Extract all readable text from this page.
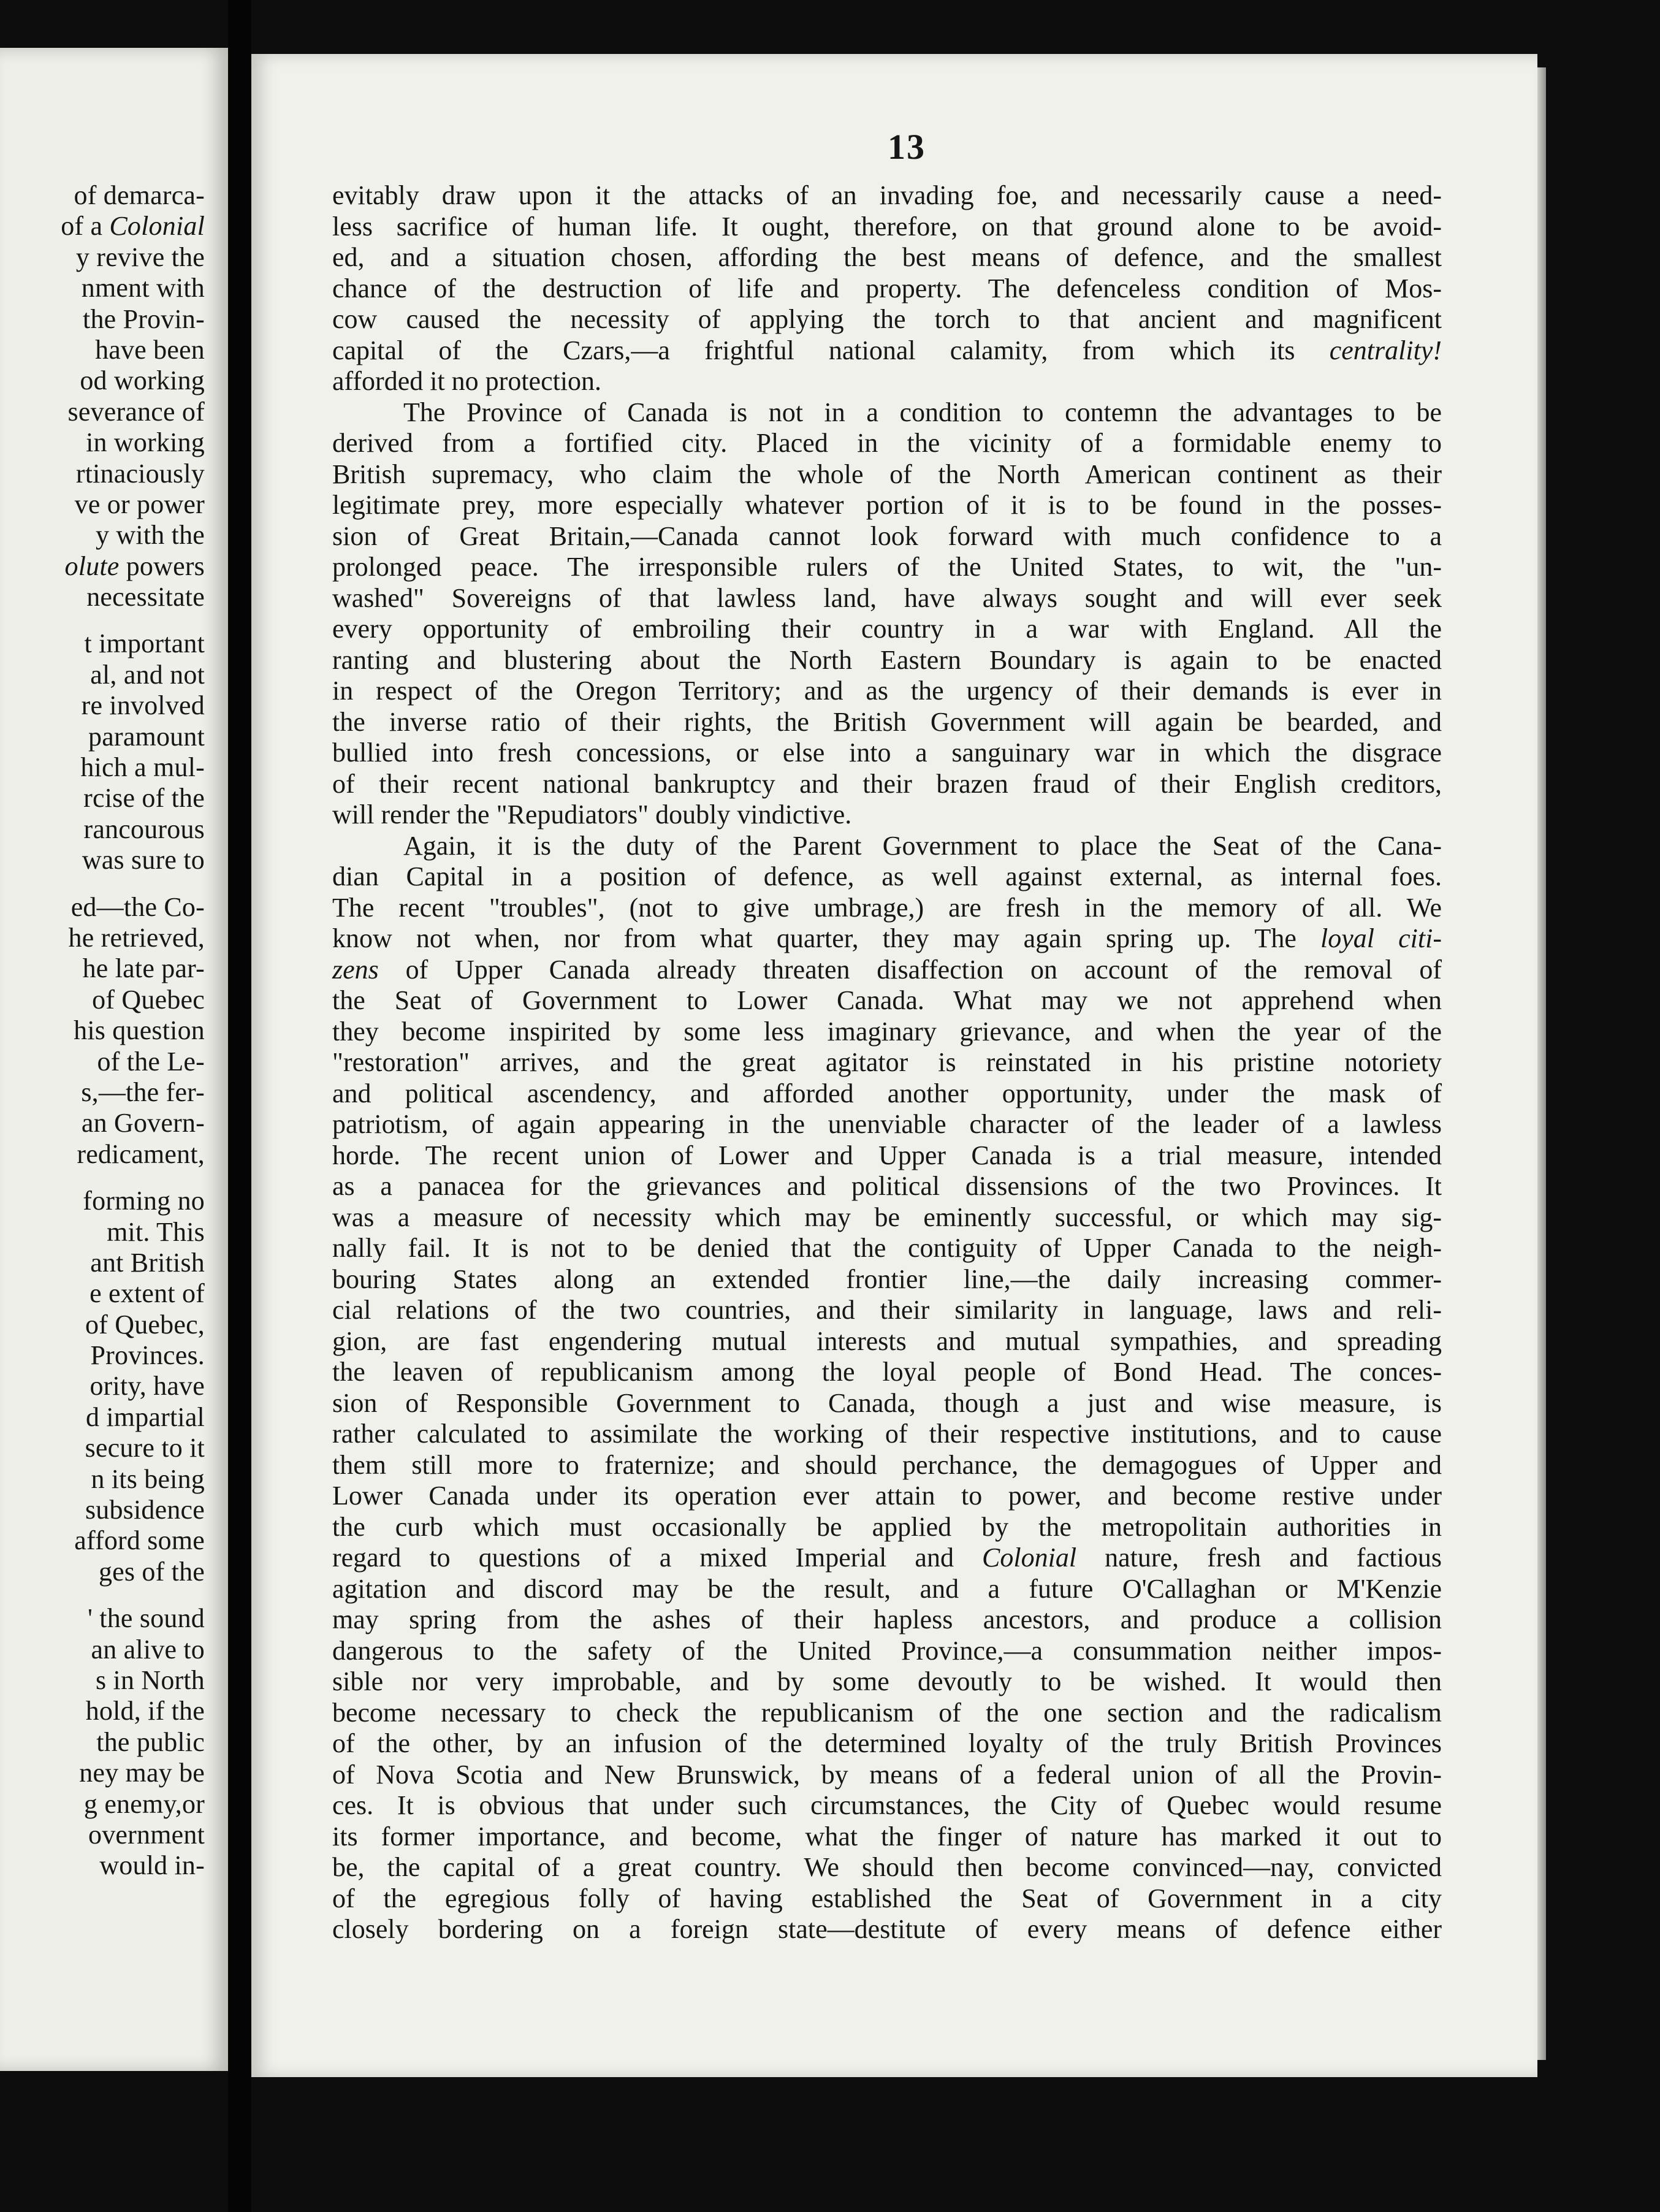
of demarca-
of a Colonial
y revive the
nment with
the Provin-
have been
od working
severance of
in working
rtinaciously
ve or power
y with the
olute powers
necessitate
t important
al, and not
re involved
paramount
hich a mul-
rcise of the
rancourous
was sure to
ed—the Co-
he retrieved,
he late par-
of Quebec
his question
of the Le-
s,—the fer-
an Govern-
redicament,
forming no
mit. This
ant British
e extent of
of Quebec,
Provinces.
ority, have
d impartial
secure to it
n its being
subsidence
afford some
ges of the
' the sound
an alive to
s in North
hold, if the
the public
ney may be
g enemy,or
overnment
would in-
13
evitably draw upon it the attacks of an invading foe, and necessarily cause a need-
less sacrifice of human life. It ought, therefore, on that ground alone to be avoid-
ed, and a situation chosen, affording the best means of defence, and the smallest
chance of the destruction of life and property. The defenceless condition of Mos-
cow caused the necessity of applying the torch to that ancient and magnificent
capital of the Czars,—a frightful national calamity, from which its centrality!
afforded it no protection.
The Province of Canada is not in a condition to contemn the advantages to be
derived from a fortified city. Placed in the vicinity of a formidable enemy to
British supremacy, who claim the whole of the North American continent as their
legitimate prey, more especially whatever portion of it is to be found in the posses-
sion of Great Britain,—Canada cannot look forward with much confidence to a
prolonged peace. The irresponsible rulers of the United States, to wit, the "un-
washed" Sovereigns of that lawless land, have always sought and will ever seek
every opportunity of embroiling their country in a war with England. All the
ranting and blustering about the North Eastern Boundary is again to be enacted
in respect of the Oregon Territory; and as the urgency of their demands is ever in
the inverse ratio of their rights, the British Government will again be bearded, and
bullied into fresh concessions, or else into a sanguinary war in which the disgrace
of their recent national bankruptcy and their brazen fraud of their English creditors,
will render the "Repudiators" doubly vindictive.
Again, it is the duty of the Parent Government to place the Seat of the Cana-
dian Capital in a position of defence, as well against external, as internal foes.
The recent "troubles", (not to give umbrage,) are fresh in the memory of all. We
know not when, nor from what quarter, they may again spring up. The loyal citi-
zens of Upper Canada already threaten disaffection on account of the removal of
the Seat of Government to Lower Canada. What may we not apprehend when
they become inspirited by some less imaginary grievance, and when the year of the
"restoration" arrives, and the great agitator is reinstated in his pristine notoriety
and political ascendency, and afforded another opportunity, under the mask of
patriotism, of again appearing in the unenviable character of the leader of a lawless
horde. The recent union of Lower and Upper Canada is a trial measure, intended
as a panacea for the grievances and political dissensions of the two Provinces. It
was a measure of necessity which may be eminently successful, or which may sig-
nally fail. It is not to be denied that the contiguity of Upper Canada to the neigh-
bouring States along an extended frontier line,—the daily increasing commer-
cial relations of the two countries, and their similarity in language, laws and reli-
gion, are fast engendering mutual interests and mutual sympathies, and spreading
the leaven of republicanism among the loyal people of Bond Head. The conces-
sion of Responsible Government to Canada, though a just and wise measure, is
rather calculated to assimilate the working of their respective institutions, and to cause
them still more to fraternize; and should perchance, the demagogues of Upper and
Lower Canada under its operation ever attain to power, and become restive under
the curb which must occasionally be applied by the metropolitain authorities in
regard to questions of a mixed Imperial and Colonial nature, fresh and factious
agitation and discord may be the result, and a future O'Callaghan or M'Kenzie
may spring from the ashes of their hapless ancestors, and produce a collision
dangerous to the safety of the United Province,—a consummation neither impos-
sible nor very improbable, and by some devoutly to be wished. It would then
become necessary to check the republicanism of the one section and the radicalism
of the other, by an infusion of the determined loyalty of the truly British Provinces
of Nova Scotia and New Brunswick, by means of a federal union of all the Provin-
ces. It is obvious that under such circumstances, the City of Quebec would resume
its former importance, and become, what the finger of nature has marked it out to
be, the capital of a great country. We should then become convinced—nay, convicted
of the egregious folly of having established the Seat of Government in a city
closely bordering on a foreign state—destitute of every means of defence either
